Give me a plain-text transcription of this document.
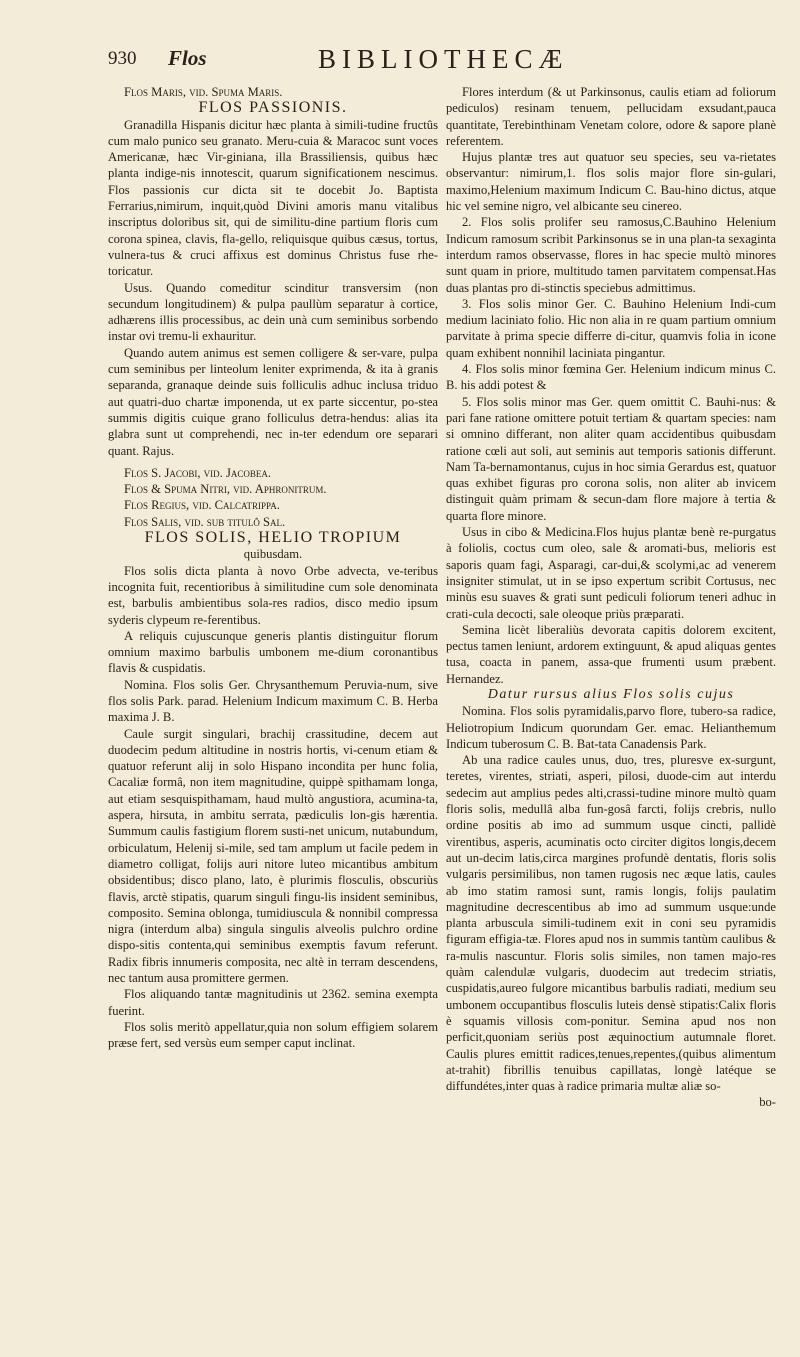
930 Flos	BIBLIOTHECÆ

Flos Maris, vid. Spuma Maris.

FLOS PASSIONIS.

Granadilla Hispanis dicitur hæc planta à simili-tudine fructûs cum malo punico seu granato. Meru-cuia & Maracoc sunt voces Americanæ, hæc Vir-giniana, illa Brassiliensis, quibus hæc planta indige-nis innotescit, quarum significationem nescimus. Flos passionis cur dicta sit te docebit Jo. Baptista Ferrarius,nimirum, inquit,quòd Divini amoris manu vitalibus inscriptus doloribus sit, qui de similitu-dine partium floris cum corona spinea, clavis, fla-gello, reliquisque quibus cæsus, tortus, vulnera-tus & cruci affixus est dominus Christus fuse rhe-toricatur.

Usus. Quando comeditur scinditur transversim (non secundum longitudinem) & pulpa paullùm separatur à cortice, adhærens illis processibus, ac dein unà cum seminibus sorbendo instar ovi tremu-li exhauritur.

Quando autem animus est semen colligere & ser-vare, pulpa cum seminibus per linteolum leniter exprimenda, & ita à granis separanda, granaque deinde suis folliculis adhuc inclusa triduo aut quatri-duo chartæ imponenda, ut ex parte siccentur, po-stea summis digitis cuique grano folliculus detra-hendus: alias ita glabra sunt ut comprehendi, nec in-ter edendum ore separari quant. Rajus.

Flos S. Jacobi, vid. Jacobea.

Flos & Spuma Nitri, vid. Aphronitrum.

Flos Regius, vid. Calcatrippa.

Flos Salis, vid. sub titulô Sal.

FLOS SOLIS, HELIO TROPIUM

quibusdam.

Flos solis dicta planta à novo Orbe advecta, ve-teribus incognita fuit, recentioribus à similitudine cum sole denominata est, barbulis ambientibus sola-res radios, disco medio ipsum syderis clypeum re-ferentibus.

A reliquis cujuscunque generis plantis distinguitur florum omnium maximo barbulis umbonem me-dium coronantibus flavis & cuspidatis.

Nomina. Flos solis Ger. Chrysanthemum Peruvia-num, sive flos solis Park. parad. Helenium Indicum maximum C. B. Herba maxima J. B.

Caule surgit singulari, brachij crassitudine, decem aut duodecim pedum altitudine in nostris hortis, vi-cenum etiam & quatuor referunt alij in solo Hispano incondita per hunc folia, Cacaliæ formâ, non item magnitudine, quippè spithamam longa, aut etiam sesquispithamam, haud multò angustiora, acumina-ta, aspera, hirsuta, in ambitu serrata, pædiculis lon-gis hærentia. Summum caulis fastigium florem susti-net unicum, nutabundum, orbiculatum, Helenij si-mile, sed tam amplum ut facile pedem in diametro colligat, folijs auri nitore luteo micantibus ambitum obsidentibus; disco plano, lato, è plurimis flosculis, obscuriùs flavis, arctè stipatis, quarum singuli fingu-lis insident seminibus, composito. Semina oblonga, tumidiuscula & nonnibil compressa nigra (interdum alba) singula singulis alveolis pulchro ordine dispo-sitis contenta,qui seminibus exemptis favum referunt. Radix fibris innumeris composita, nec altè in terram descendens, nec tantum ausa promittere germen.

Flos aliquando tantæ magnitudinis ut 2362. semina exempta fuerint.

Flos solis meritò appellatur,quia non solum effigiem solarem præse fert, sed versùs eum semper caput inclinat.

Flores interdum (& ut Parkinsonus, caulis etiam ad foliorum pediculos) resinam tenuem, pellucidam exsudant,pauca quantitate, Terebinthinam Venetam colore, odore & sapore planè referentem.

Hujus plantæ tres aut quatuor seu species, seu va-rietates observantur: nimirum,1. flos solis major flore sin-gulari, maximo,Helenium maximum Indicum C. Bau-hino dictus, atque hic vel semine nigro, vel albicante seu cinereo.

2. Flos solis prolifer seu ramosus,C.Bauhino Helenium Indicum ramosum scribit Parkinsonus se in una plan-ta sexaginta interdum ramos observasse, flores in hac specie multò minores sunt quam in priore, multitudo tamen parvitatem compensat.Has duas plantas pro di-stinctis speciebus admittimus.

3. Flos solis minor Ger. C. Bauhino Helenium Indi-cum medium laciniato folio. Hic non alia in re quam partium omnium parvitate à prima specie differre di-citur, quamvis folia in icone quam exhibent nonnihil laciniata pingantur.

4. Flos solis minor fœmina Ger. Helenium indicum minus C. B. his addi potest &

5. Flos solis minor mas Ger. quem omittit C. Bauhi-nus: & pari fane ratione omittere potuit tertiam & quartam species: nam si omnino differant, non aliter quam accidentibus quibusdam ratione cœli aut soli, aut seminis aut temporis sationis differunt. Nam Ta-bernamontanus, cujus in hoc simia Gerardus est, quatuor quas exhibet figuras pro corona solis, non aliter ab invicem distinguit quàm primam & secun-dam flore majore à tertia & quarta flore minore.

Usus in cibo & Medicina.Flos hujus plantæ benè re-purgatus à foliolis, coctus cum oleo, sale & aromati-bus, melioris est saporis quam fagi, Asparagi, car-dui,& scolymi,ac ad venerem insigniter stimulat, ut in se ipso expertum scribit Cortusus, nec minùs esu suaves & grati sunt pediculi foliorum teneri adhuc in crati-cula decocti, sale oleoque priùs præparati.

Semina licèt liberaliùs devorata capitis dolorem excitent, pectus tamen leniunt, ardorem extinguunt, & apud aliquas gentes tusa, coacta in panem, assa-que frumenti usum præbent. Hernandez.

Datur rursus alius Flos solis cujus

Nomina. Flos solis pyramidalis,parvo flore, tubero-sa radice, Heliotropium Indicum quorundam Ger. emac. Helianthemum Indicum tuberosum C. B. Bat-tata Canadensis Park.

Ab una radice caules unus, duo, tres, pluresve ex-surgunt, teretes, virentes, striati, asperi, pilosi, duode-cim aut interdu sedecim aut amplius pedes alti,crassi-tudine minore multò quam floris solis, medullâ alba fun-gosâ farcti, folijs crebris, nullo ordine positis ab imo ad summum usque cincti, pallidè virentibus, asperis, acuminatis octo circiter digitos longis,decem aut un-decim latis,circa margines profundè dentatis, floris solis vulgaris persimilibus, non tamen rugosis nec æque latis, caules ab imo statim ramosi sunt, ramis longis, folijs paulatim magnitudine decrescentibus ab imo ad summum usque:unde planta arbuscula simili-tudinem exit in coni seu pyramidis figuram effigia-tæ. Flores apud nos in summis tantùm caulibus & ra-mulis nascuntur. Floris solis similes, non tamen majo-res quàm calendulæ vulgaris, duodecim aut tredecim striatis, cuspidatis,aureo fulgore micantibus barbulis radiati, medium seu umbonem occupantibus flosculis luteis densè stipatis:Calix floris è squamis villosis com-ponitur. Semina apud nos non perficit,quoniam seriùs post æquinoctium autumnale floret. Caulis plures emittit radices,tenues,repentes,(quibus alimentum at-trahit) fibrillis tenuibus capillatas, longè latéque se diffundétes,inter quas à radice primaria multæ aliæ so-

bo-
